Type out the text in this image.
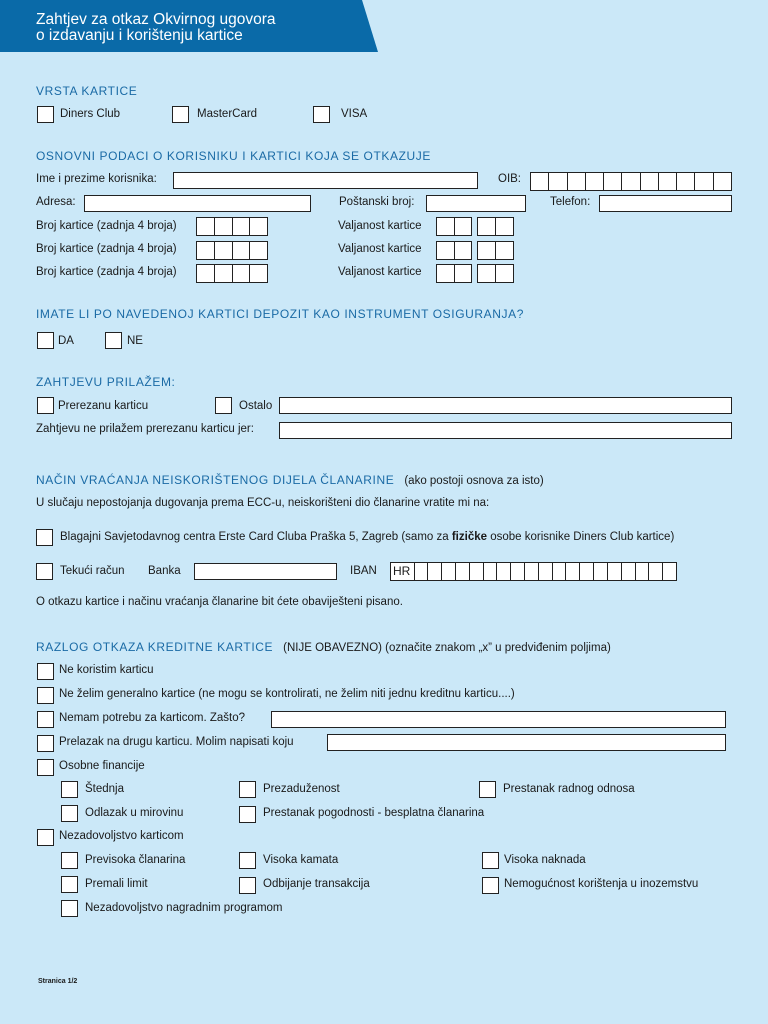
Zahtjev za otkaz Okvirnog ugovora
o izdavanju i korištenju kartice
VRSTA KARTICE
Diners Club	MasterCard	VISA
OSNOVNI PODACI O KORISNIKU I KARTICI KOJA SE OTKAZUJE
Ime i prezime korisnika:	OIB:
Adresa:	Poštanski broj:	Telefon:
Broj kartice (zadnja 4 broja)	Valjanost kartice
Broj kartice (zadnja 4 broja)	Valjanost kartice
Broj kartice (zadnja 4 broja)	Valjanost kartice
IMATE LI PO NAVEDENOJ KARTICI DEPOZIT KAO INSTRUMENT OSIGURANJA?
DA	NE
ZAHTJEVU PRILAŽEM:
Prerezanu karticu	Ostalo
Zahtjevu ne prilažem prerezanu karticu jer:
NAČIN VRAĆANJA NEISKORIŠTENOG DIJELA ČLANARINE (ako postoji osnova za isto)
U slučaju nepostojanja dugovanja prema ECC-u, neiskorišteni dio članarine vratite mi na:
Blagajni Savjetodavnog centra Erste Card Cluba Praška 5, Zagreb (samo za fizičke osobe korisnike Diners Club kartice)
Tekući račun Banka	IBAN HR
O otkazu kartice i načinu vraćanja članarine bit ćete obaviješteni pisano.
RAZLOG OTKAZA KREDITNE KARTICE (NIJE OBAVEZNO) (označite znakom „x” u predviđenim poljima)
Ne koristim karticu
Ne želim generalno kartice (ne mogu se kontrolirati, ne želim niti jednu kreditnu karticu....)
Nemam potrebu za karticom. Zašto?
Prelazak na drugu karticu. Molim napisati koju
Osobne financije
Štednja	Prezaduženost	Prestanak radnog odnosa
Odlazak u mirovinu	Prestanak pogodnosti - besplatna članarina
Nezadovoljstvo karticom
Previsoka članarina	Visoka kamata	Visoka naknada
Premali limit	Odbijanje transakcija	Nemogućnost korištenja u inozemstvu
Nezadovoljstvo nagradnim programom
Stranica 1/2
